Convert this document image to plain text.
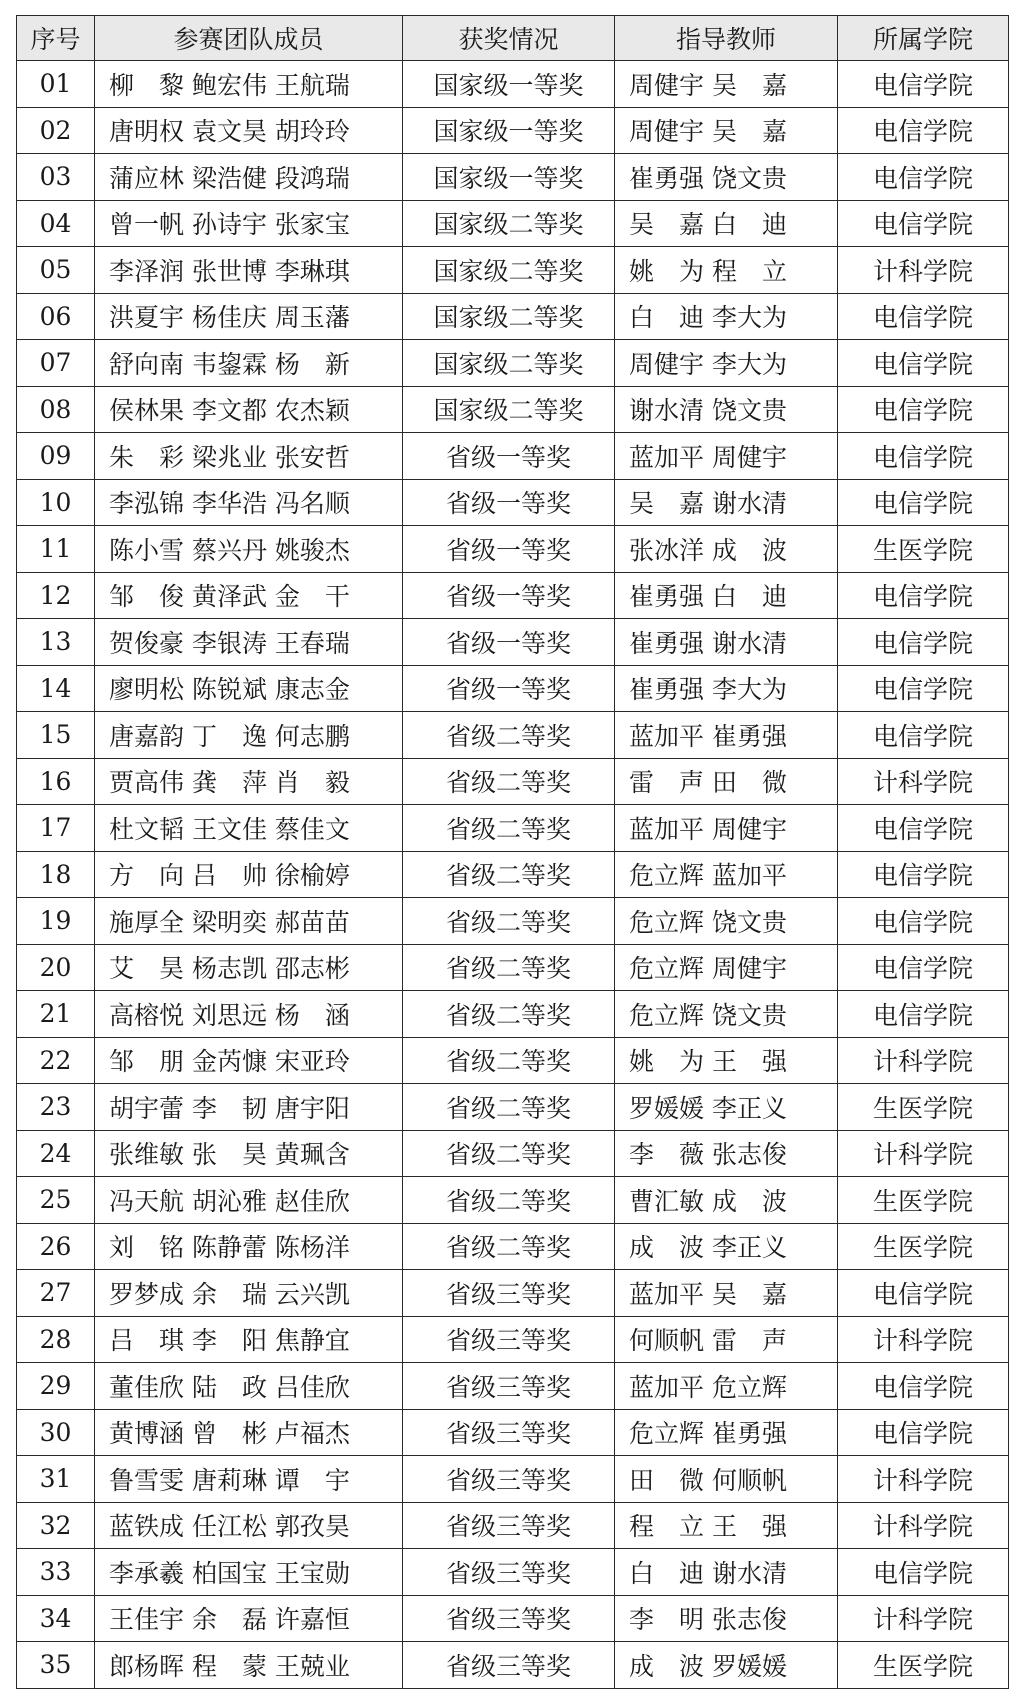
序号	参赛团队成员	获奖情况	指导教师	所属学院
01	柳　黎 鲍宏伟 王航瑞	国家级一等奖	周健宇 吴　嘉	电信学院
02	唐明权 袁文昊 胡玲玲	国家级一等奖	周健宇 吴　嘉	电信学院
03	蒲应林 梁浩健 段鸿瑞	国家级一等奖	崔勇强 饶文贵	电信学院
04	曾一帆 孙诗宇 张家宝	国家级二等奖	吴　嘉 白　迪	电信学院
05	李泽润 张世博 李琳琪	国家级二等奖	姚　为 程　立	计科学院
06	洪夏宇 杨佳庆 周玉藩	国家级二等奖	白　迪 李大为	电信学院
07	舒向南 韦鋆霖 杨　新	国家级二等奖	周健宇 李大为	电信学院
08	侯林果 李文都 农杰颖	国家级二等奖	谢水清 饶文贵	电信学院
09	朱　彩 梁兆业 张安哲	省级一等奖	蓝加平 周健宇	电信学院
10	李泓锦 李华浩 冯名顺	省级一等奖	吴　嘉 谢水清	电信学院
11	陈小雪 蔡兴丹 姚骏杰	省级一等奖	张冰洋 成　波	生医学院
12	邹　俊 黄泽武 金　干	省级一等奖	崔勇强 白　迪	电信学院
13	贺俊豪 李银涛 王春瑞	省级一等奖	崔勇强 谢水清	电信学院
14	廖明松 陈锐斌 康志金	省级一等奖	崔勇强 李大为	电信学院
15	唐嘉韵 丁　逸 何志鹏	省级二等奖	蓝加平 崔勇强	电信学院
16	贾高伟 龚　萍 肖　毅	省级二等奖	雷　声 田　微	计科学院
17	杜文韬 王文佳 蔡佳文	省级二等奖	蓝加平 周健宇	电信学院
18	方　向 吕　帅 徐榆婷	省级二等奖	危立辉 蓝加平	电信学院
19	施厚全 梁明奕 郝苗苗	省级二等奖	危立辉 饶文贵	电信学院
20	艾　昊 杨志凯 邵志彬	省级二等奖	危立辉 周健宇	电信学院
21	高榕悦 刘思远 杨　涵	省级二等奖	危立辉 饶文贵	电信学院
22	邹　朋 金芮慷 宋亚玲	省级二等奖	姚　为 王　强	计科学院
23	胡宇蕾 李　韧 唐宇阳	省级二等奖	罗媛媛 李正义	生医学院
24	张维敏 张　昊 黄珮含	省级二等奖	李　薇 张志俊	计科学院
25	冯天航 胡沁雅 赵佳欣	省级二等奖	曹汇敏 成　波	生医学院
26	刘　铭 陈静蕾 陈杨洋	省级二等奖	成　波 李正义	生医学院
27	罗梦成 余　瑞 云兴凯	省级三等奖	蓝加平 吴　嘉	电信学院
28	吕　琪 李　阳 焦静宜	省级三等奖	何顺帆 雷　声	计科学院
29	董佳欣 陆　政 吕佳欣	省级三等奖	蓝加平 危立辉	电信学院
30	黄博涵 曾　彬 卢福杰	省级三等奖	危立辉 崔勇强	电信学院
31	鲁雪雯 唐莉琳 谭　宇	省级三等奖	田　微 何顺帆	计科学院
32	蓝铁成 任江松 郭孜昊	省级三等奖	程　立 王　强	计科学院
33	李承羲 柏国宝 王宝勋	省级三等奖	白　迪 谢水清	电信学院
34	王佳宇 余　磊 许嘉恒	省级三等奖	李　明 张志俊	计科学院
35	郎杨晖 程　蒙 王兢业	省级三等奖	成　波 罗媛媛	生医学院
